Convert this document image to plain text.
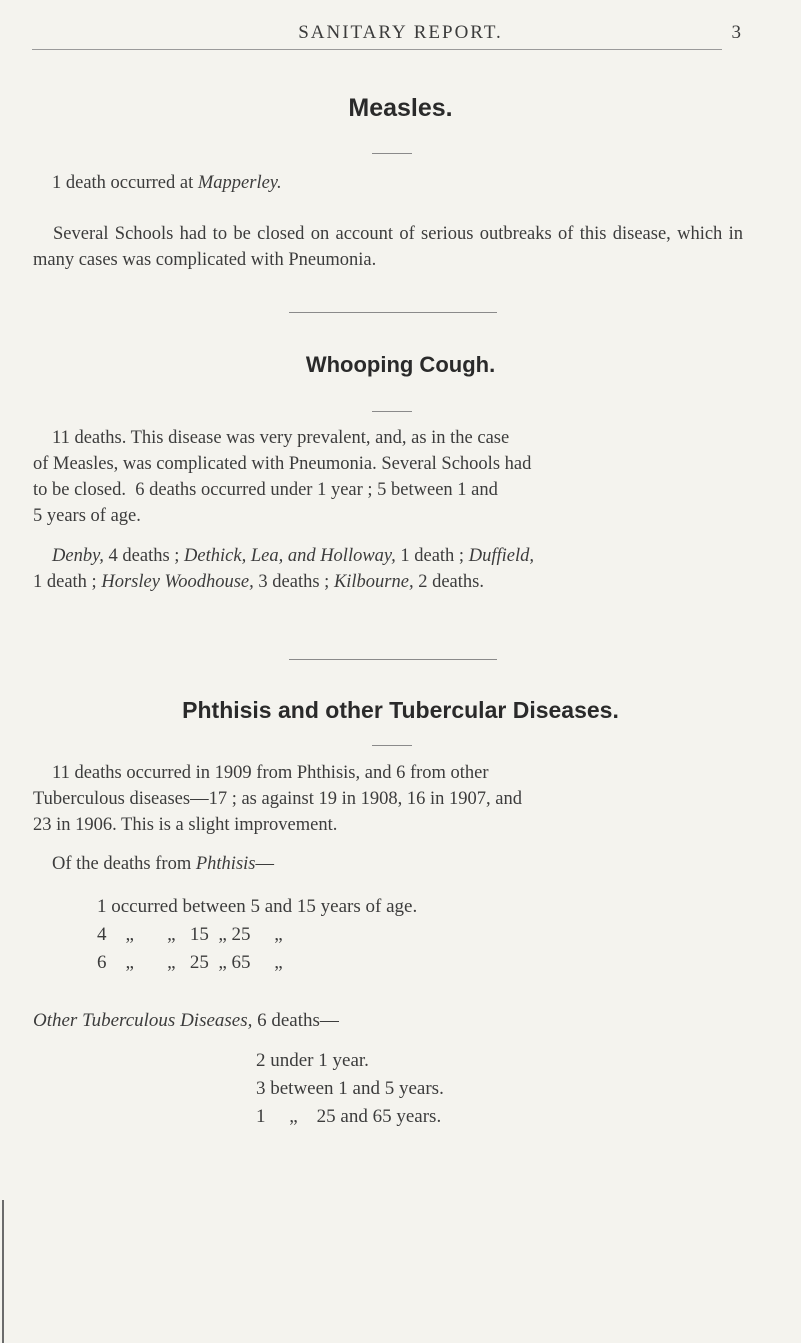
SANITARY REPORT.	3
Measles.

1 death occurred at Mapperley.

Several Schools had to be closed on account of serious outbreaks of this disease, which in many cases was complicated with Pneumonia.

Whooping Cough.
11 deaths. This disease was very prevalent, and, as in the case
of Measles, was complicated with Pneumonia. Several Schools had
to be closed.  6 deaths occurred under 1 year ; 5 between 1 and
5 years of age.
Denby, 4 deaths ; Dethick, Lea, and Holloway, 1 death ; Duffield,
1 death ; Horsley Woodhouse, 3 deaths ; Kilbourne, 2 deaths.
Phthisis and other Tubercular Diseases.
11 deaths occurred in 1909 from Phthisis, and 6 from other
Tuberculous diseases—17 ; as against 19 in 1908, 16 in 1907, and
23 in 1906. This is a slight improvement.
Of the deaths from Phthisis—
1 occurred between 5 and 15 years of age.
4    „       „   15  „ 25     „
6    „       „   25  „ 65     „
Other Tuberculous Diseases, 6 deaths—
2 under 1 year.
3 between 1 and 5 years.
1     „    25 and 65 years.
